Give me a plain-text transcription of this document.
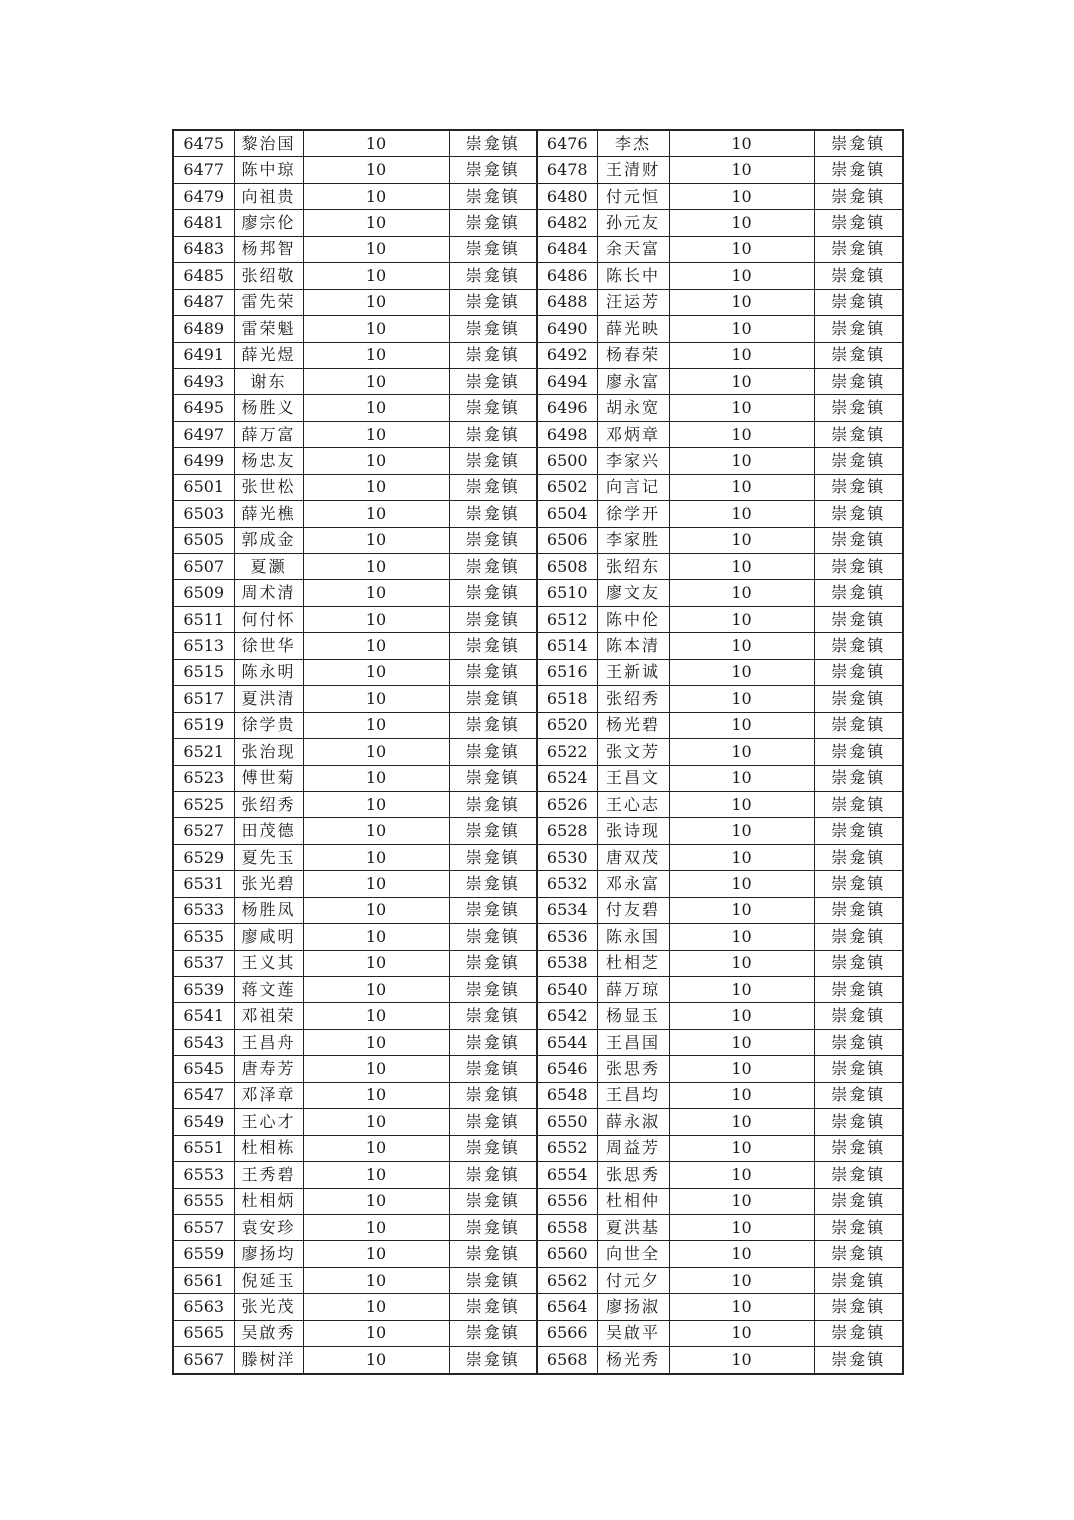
6475	黎治国	10	崇龛镇	6476	李杰	10	崇龛镇
6477	陈中琼	10	崇龛镇	6478	王清财	10	崇龛镇
6479	向祖贵	10	崇龛镇	6480	付元恒	10	崇龛镇
6481	廖宗伦	10	崇龛镇	6482	孙元友	10	崇龛镇
6483	杨邦智	10	崇龛镇	6484	余天富	10	崇龛镇
6485	张绍敬	10	崇龛镇	6486	陈长中	10	崇龛镇
6487	雷先荣	10	崇龛镇	6488	汪运芳	10	崇龛镇
6489	雷荣魁	10	崇龛镇	6490	薛光映	10	崇龛镇
6491	薛光煜	10	崇龛镇	6492	杨春荣	10	崇龛镇
6493	谢东	10	崇龛镇	6494	廖永富	10	崇龛镇
6495	杨胜义	10	崇龛镇	6496	胡永宽	10	崇龛镇
6497	薛万富	10	崇龛镇	6498	邓炳章	10	崇龛镇
6499	杨忠友	10	崇龛镇	6500	李家兴	10	崇龛镇
6501	张世松	10	崇龛镇	6502	向言记	10	崇龛镇
6503	薛光樵	10	崇龛镇	6504	徐学开	10	崇龛镇
6505	郭成金	10	崇龛镇	6506	李家胜	10	崇龛镇
6507	夏灏	10	崇龛镇	6508	张绍东	10	崇龛镇
6509	周术清	10	崇龛镇	6510	廖文友	10	崇龛镇
6511	何付怀	10	崇龛镇	6512	陈中伦	10	崇龛镇
6513	徐世华	10	崇龛镇	6514	陈本清	10	崇龛镇
6515	陈永明	10	崇龛镇	6516	王新诚	10	崇龛镇
6517	夏洪清	10	崇龛镇	6518	张绍秀	10	崇龛镇
6519	徐学贵	10	崇龛镇	6520	杨光碧	10	崇龛镇
6521	张治现	10	崇龛镇	6522	张文芳	10	崇龛镇
6523	傅世菊	10	崇龛镇	6524	王昌文	10	崇龛镇
6525	张绍秀	10	崇龛镇	6526	王心志	10	崇龛镇
6527	田茂德	10	崇龛镇	6528	张诗现	10	崇龛镇
6529	夏先玉	10	崇龛镇	6530	唐双茂	10	崇龛镇
6531	张光碧	10	崇龛镇	6532	邓永富	10	崇龛镇
6533	杨胜凤	10	崇龛镇	6534	付友碧	10	崇龛镇
6535	廖咸明	10	崇龛镇	6536	陈永国	10	崇龛镇
6537	王义其	10	崇龛镇	6538	杜相芝	10	崇龛镇
6539	蒋文莲	10	崇龛镇	6540	薛万琼	10	崇龛镇
6541	邓祖荣	10	崇龛镇	6542	杨显玉	10	崇龛镇
6543	王昌舟	10	崇龛镇	6544	王昌国	10	崇龛镇
6545	唐寿芳	10	崇龛镇	6546	张思秀	10	崇龛镇
6547	邓泽章	10	崇龛镇	6548	王昌均	10	崇龛镇
6549	王心才	10	崇龛镇	6550	薛永淑	10	崇龛镇
6551	杜相栋	10	崇龛镇	6552	周益芳	10	崇龛镇
6553	王秀碧	10	崇龛镇	6554	张思秀	10	崇龛镇
6555	杜相炳	10	崇龛镇	6556	杜相仲	10	崇龛镇
6557	袁安珍	10	崇龛镇	6558	夏洪基	10	崇龛镇
6559	廖扬均	10	崇龛镇	6560	向世全	10	崇龛镇
6561	倪延玉	10	崇龛镇	6562	付元夕	10	崇龛镇
6563	张光茂	10	崇龛镇	6564	廖扬淑	10	崇龛镇
6565	吴啟秀	10	崇龛镇	6566	吴啟平	10	崇龛镇
6567	滕树洋	10	崇龛镇	6568	杨光秀	10	崇龛镇
